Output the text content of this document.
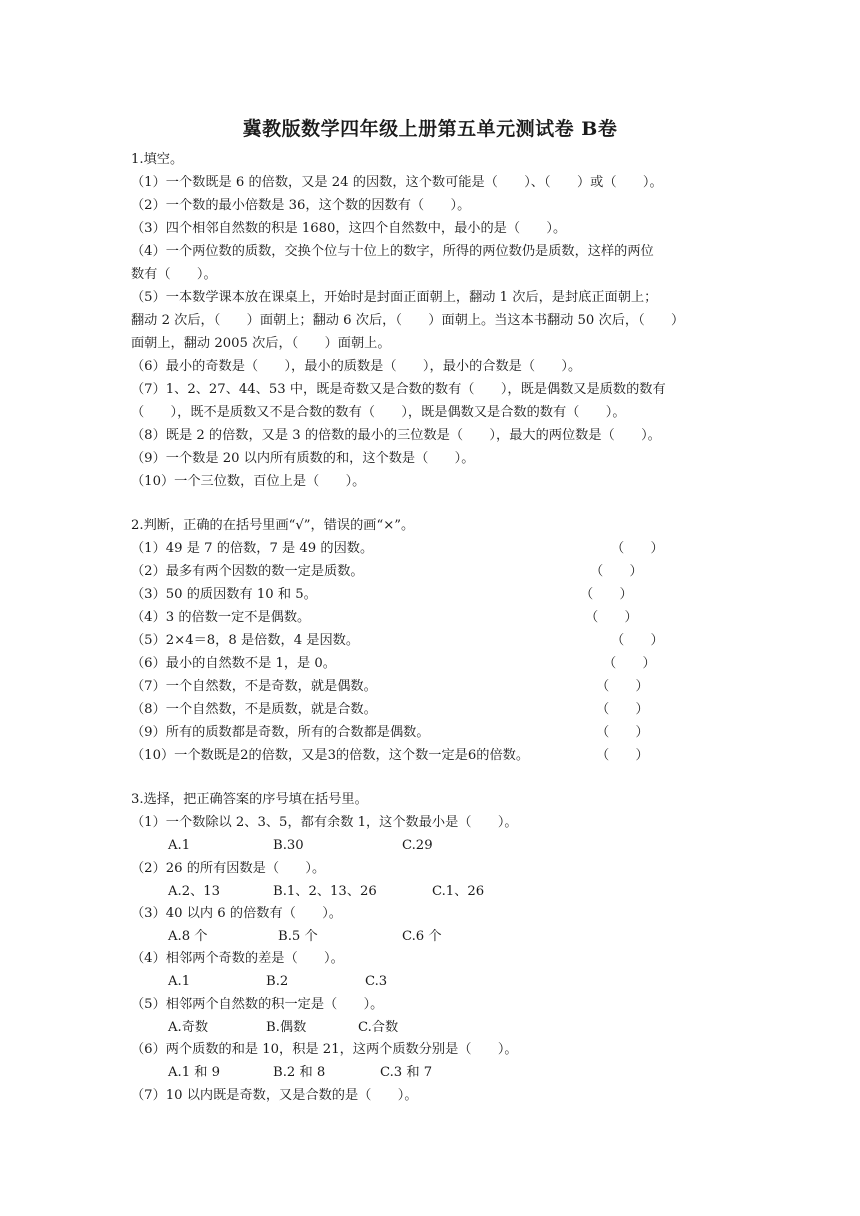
冀教版数学四年级上册第五单元测试卷 B卷
1.填空。
（1）一个数既是 6 的倍数，又是 24 的因数，这个数可能是（　　）、（　　）或（　　）。
（2）一个数的最小倍数是 36，这个数的因数有（　　）。
（3）四个相邻自然数的积是 1680，这四个自然数中，最小的是（　　）。
（4）一个两位数的质数，交换个位与十位上的数字，所得的两位数仍是质数，这样的两位
数有（　　）。
（5）一本数学课本放在课桌上，开始时是封面正面朝上，翻动 1 次后，是封底正面朝上；
翻动 2 次后，（　　）面朝上；翻动 6 次后，（　　）面朝上。当这本书翻动 50 次后，（　　）
面朝上，翻动 2005 次后，（　　）面朝上。
（6）最小的奇数是（　　），最小的质数是（　　），最小的合数是（　　）。
（7）1、2、27、44、53 中，既是奇数又是合数的数有（　　），既是偶数又是质数的数有
（　　），既不是质数又不是合数的数有（　　），既是偶数又是合数的数有（　　）。
（8）既是 2 的倍数，又是 3 的倍数的最小的三位数是（　　），最大的两位数是（　　）。
（9）一个数是 20 以内所有质数的和，这个数是（　　）。
（10）一个三位数，百位上是（　　）。
2.判断，正确的在括号里画“√”，错误的画“×”。
（1）49 是 7 的倍数，7 是 49 的因数。	（　　）
（2）最多有两个因数的数一定是质数。	（　　）
（3）50 的质因数有 10 和 5。	（　　）
（4）3 的倍数一定不是偶数。	（　　）
（5）2×4＝8，8 是倍数，4 是因数。	（　　）
（6）最小的自然数不是 1，是 0。	（　　）
（7）一个自然数，不是奇数，就是偶数。	（　　）
（8）一个自然数，不是质数，就是合数。	（　　）
（9）所有的质数都是奇数，所有的合数都是偶数。	（　　）
（10）一个数既是2的倍数，又是3的倍数，这个数一定是6的倍数。	（　　）
3.选择，把正确答案的序号填在括号里。
（1）一个数除以 2、3、5，都有余数 1，这个数最小是（　　）。
A.1	B.30	C.29
（2）26 的所有因数是（　　）。
A.2、13	B.1、2、13、26	C.1、26
（3）40 以内 6 的倍数有（　　）。
A.8 个	B.5 个	C.6 个
（4）相邻两个奇数的差是（　　）。
A.1	B.2	C.3
（5）相邻两个自然数的积一定是（　　）。
A.奇数	B.偶数	C.合数
（6）两个质数的和是 10，积是 21，这两个质数分别是（　　）。
A.1 和 9	B.2 和 8	C.3 和 7
（7）10 以内既是奇数，又是合数的是（　　）。
